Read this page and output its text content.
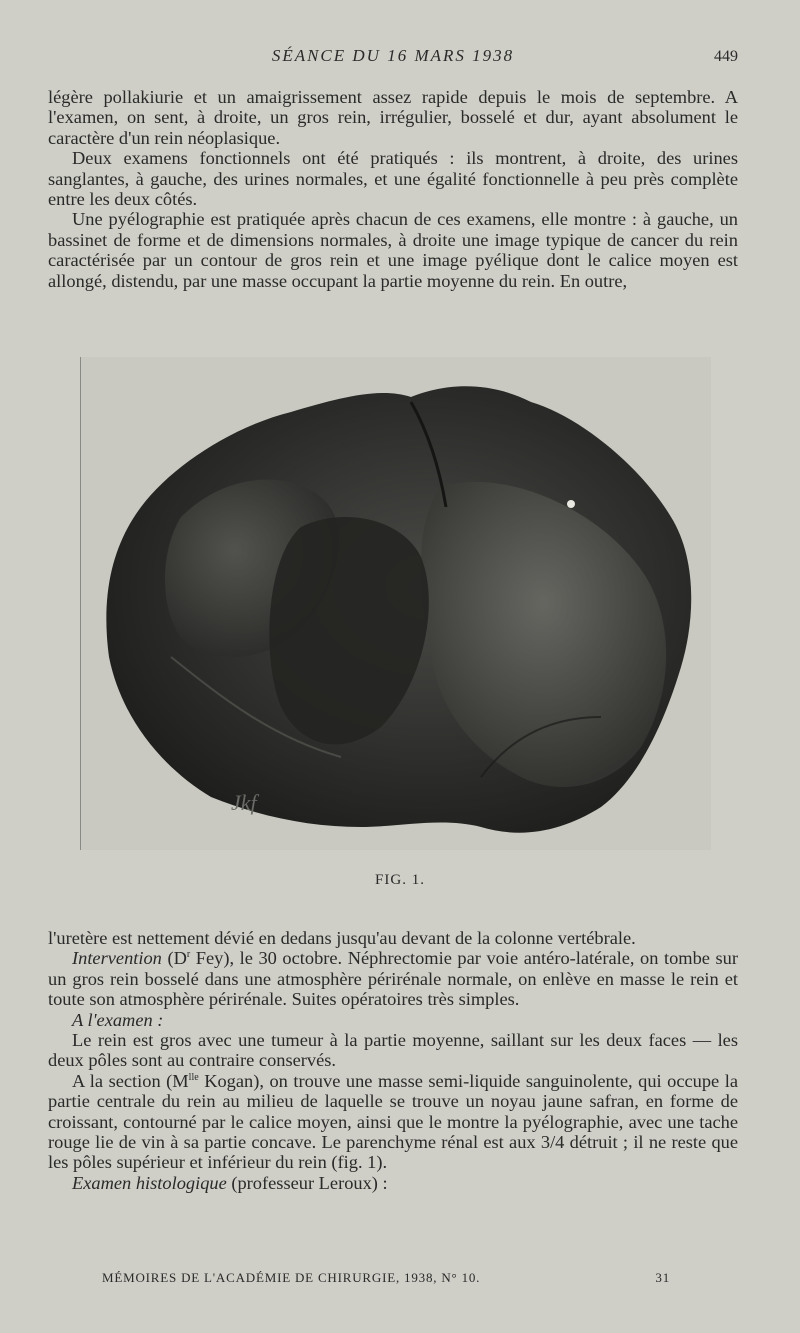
SÉANCE DU 16 MARS 1938	449

légère pollakiurie et un amaigrissement assez rapide depuis le mois de septembre. A l'examen, on sent, à droite, un gros rein, irrégulier, bosselé et dur, ayant absolument le caractère d'un rein néoplasique.

Deux examens fonctionnels ont été pratiqués : ils montrent, à droite, des urines sanglantes, à gauche, des urines normales, et une égalité fonctionnelle à peu près complète entre les deux côtés.

Une pyélographie est pratiquée après chacun de ces examens, elle montre : à gauche, un bassinet de forme et de dimensions normales, à droite une image typique de cancer du rein caractérisée par un contour de gros rein et une image pyélique dont le calice moyen est allongé, distendu, par une masse occupant la partie moyenne du rein. En outre,

Jkf
FIG. 1.

l'uretère est nettement dévié en dedans jusqu'au devant de la colonne vertébrale.

Intervention ($D^r$ Fey), le 30 octobre. Néphrectomie par voie antéro-latérale, on tombe sur un gros rein bosselé dans une atmosphère périrénale normale, on enlève en masse le rein et toute son atmosphère périrénale. Suites opératoires très simples.

A l'examen :

Le rein est gros avec une tumeur à la partie moyenne, saillant sur les deux faces — les deux pôles sont au contraire conservés.

A la section ($M^{lle}$ Kogan), on trouve une masse semi-liquide sanguinolente, qui occupe la partie centrale du rein au milieu de laquelle se trouve un noyau jaune safran, en forme de croissant, contourné par le calice moyen, ainsi que le montre la pyélographie, avec une tache rouge lie de vin à sa partie concave. Le parenchyme rénal est aux 3/4 détruit ; il ne reste que les pôles supérieur et inférieur du rein (fig. 1).

Examen histologique (professeur Leroux) :

MÉMOIRES DE L'ACADÉMIE DE CHIRURGIE, 1938, N° 10.	31
